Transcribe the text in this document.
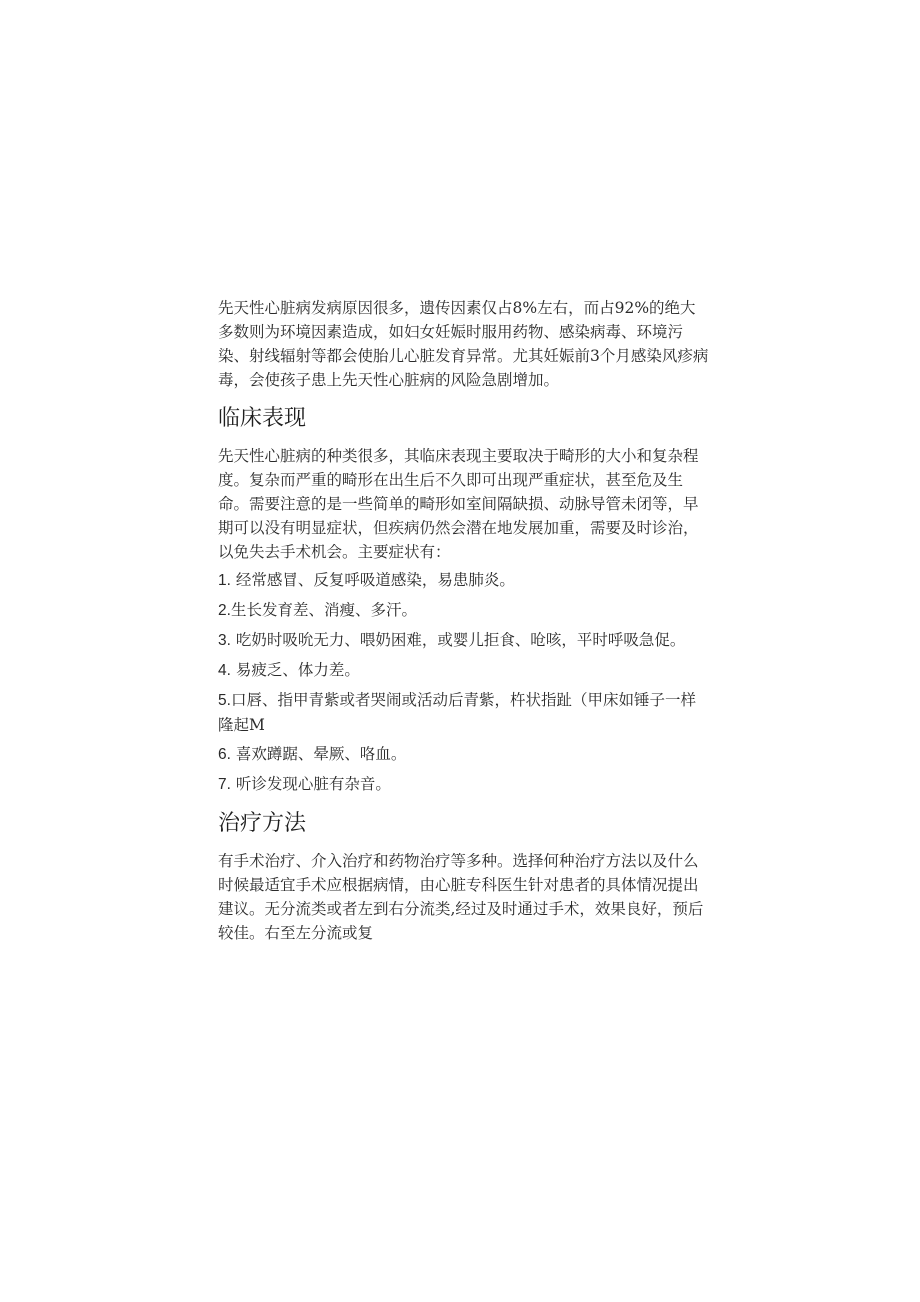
先天性心脏病发病原因很多，遗传因素仅占8%左右，而占92%的绝大多数则为环境因素造成，如妇女妊娠时服用药物、感染病毒、环境污染、射线辐射等都会使胎儿心脏发育异常。尤其妊娠前3个月感染风疹病毒，会使孩子患上先天性心脏病的风险急剧增加。

临床表现

先天性心脏病的种类很多，其临床表现主要取决于畸形的大小和复杂程度。复杂而严重的畸形在出生后不久即可出现严重症状，甚至危及生命。需要注意的是一些简单的畸形如室间隔缺损、动脉导管未闭等，早期可以没有明显症状，但疾病仍然会潜在地发展加重，需要及时诊治，以免失去手术机会。主要症状有：

1. 经常感冒、反复呼吸道感染，易患肺炎。
2.生长发育差、消瘦、多汗。
3. 吃奶时吸吮无力、喂奶困难，或婴儿拒食、呛咳，平时呼吸急促。
4. 易疲乏、体力差。
5.口唇、指甲青紫或者哭闹或活动后青紫，杵状指趾（甲床如锤子一样隆起M
6. 喜欢蹲踞、晕厥、咯血。
7. 听诊发现心脏有杂音。
治疗方法

有手术治疗、介入治疗和药物治疗等多种。选择何种治疗方法以及什么时候最适宜手术应根据病情，由心脏专科医生针对患者的具体情况提出建议。无分流类或者左到右分流类,经过及时通过手术，效果良好，预后较佳。右至左分流或复
